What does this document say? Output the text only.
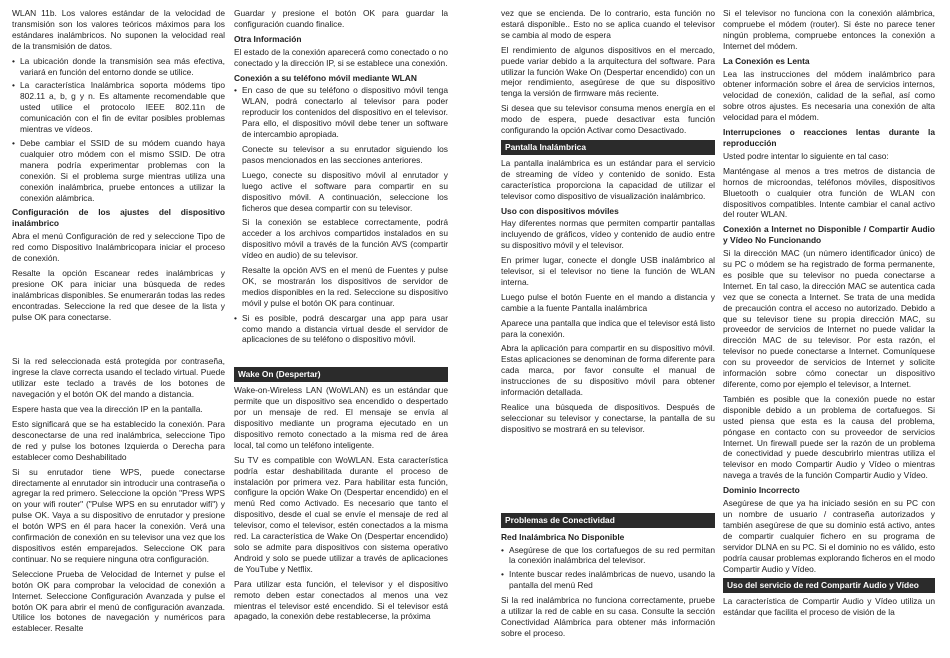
WLAN 11b. Los valores estándar de la velocidad de transmisión son los valores teóricos máximos para los estándares inalámbricos. No suponen la velocidad real de la transmisión de datos.

• La ubicación donde la transmisión sea más efectiva, variará en función del entorno donde se utilice.
• La característica Inalámbrica soporta módems tipo 802.11 a, b, g y n. Es altamente recomendable que usted utilice el protocolo IEEE 802.11n de comunicación con el fin de evitar posibles problemas mientras ve vídeos.
• Debe cambiar el SSID de su módem cuando haya cualquier otro módem con el mismo SSID. De otra manera podría experimentar problemas con la conexión. Si el problema surge mientras utiliza una conexión inalámbrica, pruebe entonces a utilizar la conexión alámbrica.
Configuración de los ajustes del dispositivo inalámbrico

Abra el menú Configuración de red y seleccione Tipo de red como Dispositivo Inalámbricopara iniciar el proceso de conexión.

Resalte la opción Escanear redes inalámbricas y presione OK para iniciar una búsqueda de redes inalámbricas disponibles. Se enumerarán todas las redes encontradas. Seleccione la red que desee de la lista y pulse OK para conectarse.

Si la red seleccionada está protegida por contraseña, ingrese la clave correcta usando el teclado virtual. Puede utilizar este teclado a través de los botones de navegación y el botón OK del mando a distancia.

Espere hasta que vea la dirección IP en la pantalla.

Esto significará que se ha establecido la conexión. Para desconectarse de una red inalámbrica, seleccione Tipo de red y pulse los botones Izquierda o Derecha para establecer como Deshabilitado

Si su enrutador tiene WPS, puede conectarse directamente al enrutador sin introducir una contraseña o agregar la red primero. Seleccione la opción "Press WPS on your wifi router" ("Pulse WPS en su enrutador wifi") y pulse OK. Vaya a su dispositivo de enrutador y presione el botón WPS en él para hacer la conexión. Verá una confirmación de conexión en su televisor una vez que los dispositivos estén emparejados. Seleccione OK para continuar. No se requiere ninguna otra configuración.

Seleccione Prueba de Velocidad de Internet y pulse el botón OK para comprobar la velocidad de conexión a Internet. Seleccione Configuración Avanzada y pulse el botón OK para abrir el menú de configuración avanzada. Utilice los botones de navegación y numéricos para establecer. Resalte

Guardar y presione el botón OK para guardar la configuración cuando finalice.

Otra Información

El estado de la conexión aparecerá como conectado o no conectado y la dirección IP, si se establece una conexión.

Conexión a su teléfono móvil mediante WLAN
• En caso de que su teléfono o dispositivo móvil tenga WLAN, podrá conectarlo al televisor para poder reproducir los contenidos del dispositivo en el televisor. Para ello, el dispositivo móvil debe tener un software de intercambio apropiada.

Conecte su televisor a su enrutador siguiendo los pasos mencionados en las secciones anteriores.

Luego, conecte su dispositivo móvil al enrutador y luego active el software para compartir en su dispositivo móvil. A continuación, seleccione los ficheros que desea compartir con su televisor.

Si la conexión se establece correctamente, podrá acceder a los archivos compartidos instalados en su dispositivo móvil a través de la función AVS (compartir vídeo en audio) de su televisor.

Resalte la opción AVS en el menú de Fuentes y pulse OK, se mostrarán los dispositivos de servidor de medios disponibles en la red. Seleccione su dispositivo móvil y pulse el botón OK para continuar.

• Si es posible, podrá descargar una app para usar como mando a distancia virtual desde el servidor de aplicaciones de su teléfono o dispositivo móvil.
Wake On (Despertar)

Wake-on-Wireless LAN (WoWLAN) es un estándar que permite que un dispositivo sea encendido o despertado por un mensaje de red. El mensaje se envía al dispositivo mediante un programa ejecutado en un dispositivo remoto conectado a la misma red de área local, tal como un teléfono inteligente.

Su TV es compatible con WoWLAN. Esta característica podría estar deshabilitada durante el proceso de instalación por primera vez. Para habilitar esta función, configure la opción Wake On (Despertar encendido) en el menú Red como Activado. Es necesario que tanto el dispositivo, desde el cual se envíe el mensaje de red al televisor, como el televisor, estén conectados a la misma red. La característica de Wake On (Despertar encendido) solo se admite para dispositivos con sistema operativo Android y solo se puede utilizar a través de aplicaciones de YouTube y Netflix.

Para utilizar esta función, el televisor y el dispositivo remoto deben estar conectados al menos una vez mientras el televisor esté encendido. Si el televisor está apagado, la conexión debe restablecerse, la próxima

vez que se encienda. De lo contrario, esta función no estará disponible.. Esto no se aplica cuando el televisor se cambia al modo de espera

El rendimiento de algunos dispositivos en el mercado, puede variar debido a la arquitectura del software. Para utilizar la función Wake On (Despertar encendido) con un mejor rendimiento, asegúrese de que su dispositivo tenga la versión de firmware más reciente.

Si desea que su televisor consuma menos energía en el modo de espera, puede desactivar esta función configurando la opción Activar como Desactivado.

Pantalla Inalámbrica

La pantalla inalámbrica es un estándar para el servicio de streaming de vídeo y contenido de sonido. Esta característica proporciona la capacidad de utilizar el televisor como dispositivo de visualización inalámbrico.

Uso con dispositivos móviles

Hay diferentes normas que permiten compartir pantallas incluyendo de gráficos, vídeo y contenido de audio entre su dispositivo móvil y el televisor.

En primer lugar, conecte el dongle USB inalámbrico al televisor, si el televisor no tiene la función de WLAN interna.

Luego pulse el botón Fuente en el mando a distancia y cambie a la fuente Pantalla inalámbrica

Aparece una pantalla que indica que el televisor está listo para la conexión.

Abra la aplicación para compartir en su dispositivo móvil. Estas aplicaciones se denominan de forma diferente para cada marca, por favor consulte el manual de instrucciones de su dispositivo móvil para obtener información detallada.

Realice una búsqueda de dispositivos. Después de seleccionar su televisor y conectarse, la pantalla de su dispositivo se mostrará en su televisor.

Problemas de Conectividad
Red Inalámbrica No Disponible
• Asegúrese de que los cortafuegos de su red permitan la conexión inalámbrica del televisor.
• Intente buscar redes inalámbricas de nuevo, usando la pantalla del menú Red

Si la red inalámbrica no funciona correctamente, pruebe a utilizar la red de cable en su casa. Consulte la sección Conectividad Alámbrica para obtener más información sobre el proceso.

Si el televisor no funciona con la conexión alámbrica, compruebe el módem (router). Si éste no parece tener ningún problema, compruebe entonces la conexión a Internet del módem.

La Conexión es Lenta

Lea las instrucciones del módem inalámbrico para obtener información sobre el área de servicios internos, velocidad de conexión, calidad de la señal, así como sobre otros ajustes. Es necesaria una conexión de alta velocidad para el módem.

Interrupciones o reacciones lentas durante la reproducción

Usted podre intentar lo siguiente en tal caso:

Manténgase al menos a tres metros de distancia de hornos de microondas, teléfonos móviles, dispositivos Bluetooth o cualquier otra función de WLAN con dispositivos compatibles. Intente cambiar el canal activo del router WLAN.

Conexión a Internet no Disponible / Compartir Audio y Vídeo No Funcionando

Si la dirección MAC (un número identificador único) de su PC o módem se ha registrado de forma permanente, es posible que su televisor no pueda conectarse a Internet. En tal caso, la dirección MAC se autentica cada vez que se conecta a Internet. Se trata de una medida de precaución contra el acceso no autorizado. Debido a que su televisor tiene su propia dirección MAC, su proveedor de servicios de Internet no puede validar la dirección MAC de su televisor. Por esta razón, el televisor no puede conectarse a Internet. Comuníquese con su proveedor de servicios de Internet y solicite información sobre cómo conectar un dispositivo diferente, como por ejemplo el televisor, a Internet.

También es posible que la conexión puede no estar disponible debido a un problema de cortafuegos. Si usted piensa que esta es la causa del problema, póngase en contacto con su proveedor de servicios Internet. Un firewall puede ser la razón de un problema de conectividad y puede descubrirlo mientras utiliza el televisor en modo Compartir Audio y Vídeo o mientras navega a través de la función Compartir Audio y Vídeo.

Dominio Incorrecto

Asegúrese de que ya ha iniciado sesión en su PC con un nombre de usuario / contraseña autorizados y también asegúrese de que su dominio está activo, antes de compartir cualquier fichero en su programa de servidor DLNA en su PC. Si el dominio no es válido, esto podría causar problemas explorando ficheros en el modo Compartir Audio y Vídeo.

Uso del servicio de red Compartir Audio y Vídeo

La característica de Compartir Audio y Vídeo utiliza un estándar que facilita el proceso de visión de la
